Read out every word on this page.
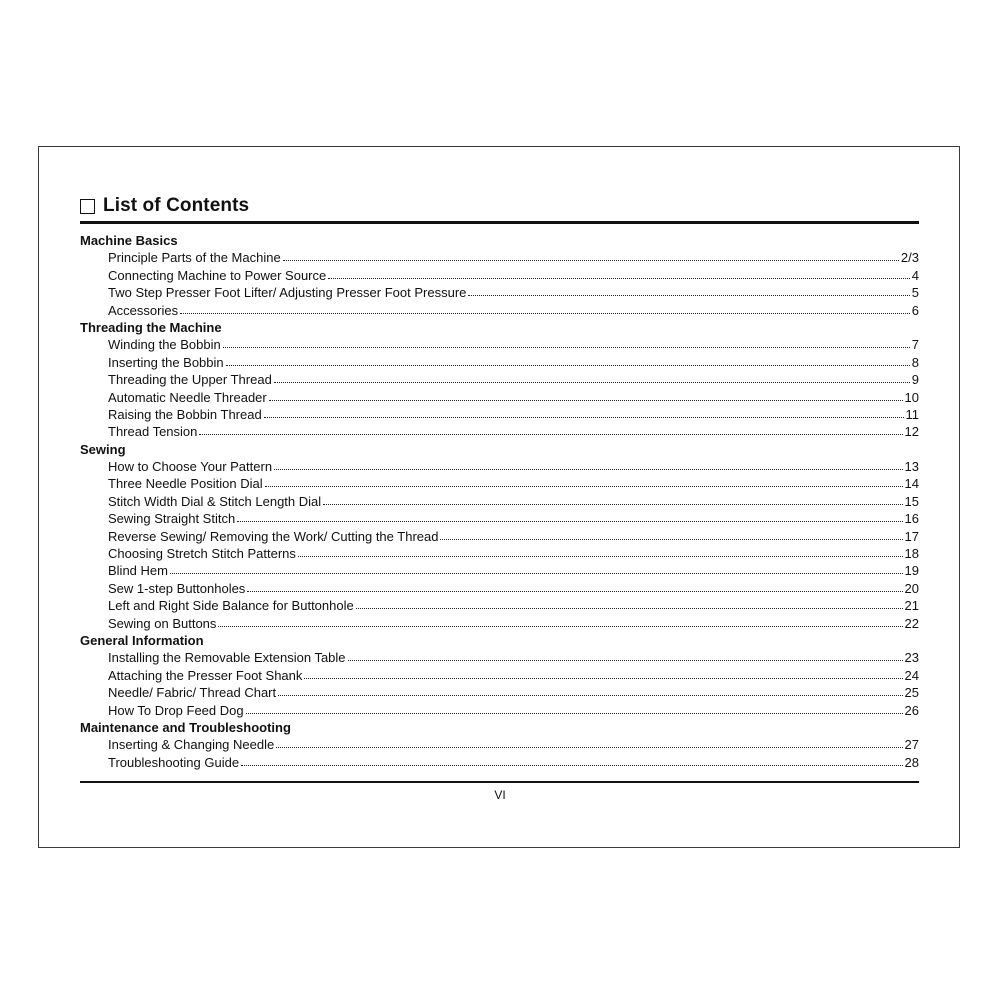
List of Contents
Machine Basics
Principle Parts of the Machine	2/3
Connecting Machine to Power Source	4
Two Step Presser Foot Lifter/ Adjusting Presser Foot Pressure	5
Accessories	6
Threading the Machine
Winding the Bobbin	7
Inserting the Bobbin	8
Threading the Upper Thread	9
Automatic Needle Threader	10
Raising the Bobbin Thread	11
Thread Tension	12
Sewing
How to Choose Your Pattern	13
Three Needle Position Dial	14
Stitch Width Dial & Stitch Length Dial	15
Sewing Straight Stitch	16
Reverse Sewing/ Removing the Work/ Cutting the Thread	17
Choosing Stretch Stitch Patterns	18
Blind Hem	19
Sew 1-step Buttonholes	20
Left and Right Side Balance for Buttonhole	21
Sewing on Buttons	22
General Information
Installing the Removable Extension Table	23
Attaching the Presser Foot Shank	24
Needle/ Fabric/ Thread Chart	25
How To Drop Feed Dog	26
Maintenance and Troubleshooting
Inserting & Changing Needle	27
Troubleshooting Guide	28
VI
